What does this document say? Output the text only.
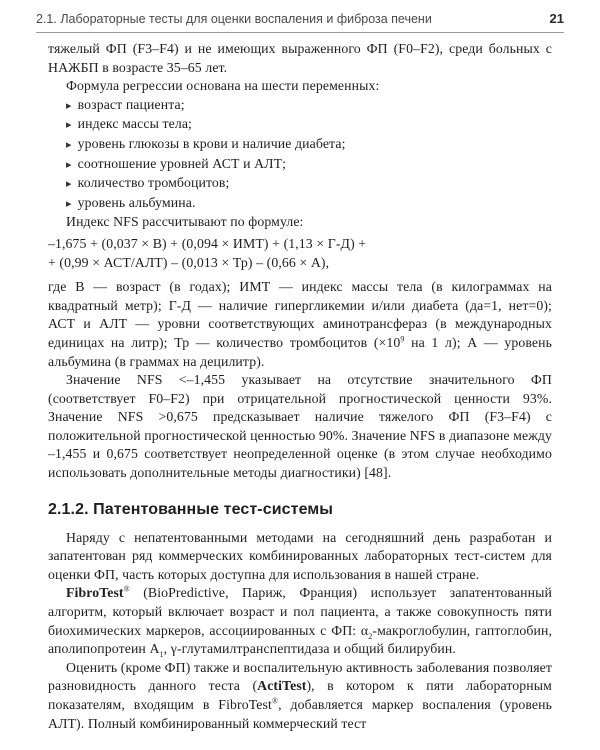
2.1. Лабораторные тесты для оценки воспаления и фиброза печени	21

тяжелый ФП (F3–F4) и не имеющих выраженного ФП (F0–F2), среди больных с НАЖБП в возрасте 35–65 лет.

Формула регрессии основана на шести переменных:

▸ возраст пациента;
▸ индекс массы тела;
▸ уровень глюкозы в крови и наличие диабета;
▸ соотношение уровней АСТ и АЛТ;
▸ количество тромбоцитов;
▸ уровень альбумина.

Индекс NFS рассчитывают по формуле:

–1,675 + (0,037 × В) + (0,094 × ИМТ) + (1,13 × Г-Д) +

+ (0,99 × АСТ/АЛТ) – (0,013 × Тр) – (0,66 × А),

где В — возраст (в годах); ИМТ — индекс массы тела (в килограммах на квадратный метр); Г-Д — наличие гипергликемии и/или диабета (да=1, нет=0); АСТ и АЛТ — уровни соответствующих аминотрансфераз (в международных единицах на литр); Тр — количество тромбоцитов ($\times 10^9$ на 1 л); А — уровень альбумина (в граммах на децилитр).

Значение NFS <–1,455 указывает на отсутствие значительного ФП (соответствует F0–F2) при отрицательной прогностической ценности 93%. Значение NFS >0,675 предсказывает наличие тяжелого ФП (F3–F4) с положительной прогностической ценностью 90%. Значение NFS в диапазоне между –1,455 и 0,675 соответствует неопределенной оценке (в этом случае необходимо использовать дополнительные методы диагностики) [48].

2.1.2. Патентованные тест-системы

Наряду с непатентованными методами на сегодняшний день разработан и запатентован ряд коммерческих комбинированных лабораторных тест-систем для оценки ФП, часть которых доступна для использования в нашей стране.

FibroTest® (BioPredictive, Париж, Франция) использует запатентованный алгоритм, который включает возраст и пол пациента, а также совокупность пяти биохимических маркеров, ассоциированных с ФП: $\alpha_2$-макроглобулин, гаптоглобин, аполипопротеин $A_1$, γ-глутамилтранспептидаза и общий билирубин.

Оценить (кроме ФП) также и воспалительную активность заболевания позволяет разновидность данного теста (ActiTest), в котором к пяти лабораторным показателям, входящим в FibroTest®, добавляется маркер воспаления (уровень АЛТ). Полный комбинированный коммерческий тест
